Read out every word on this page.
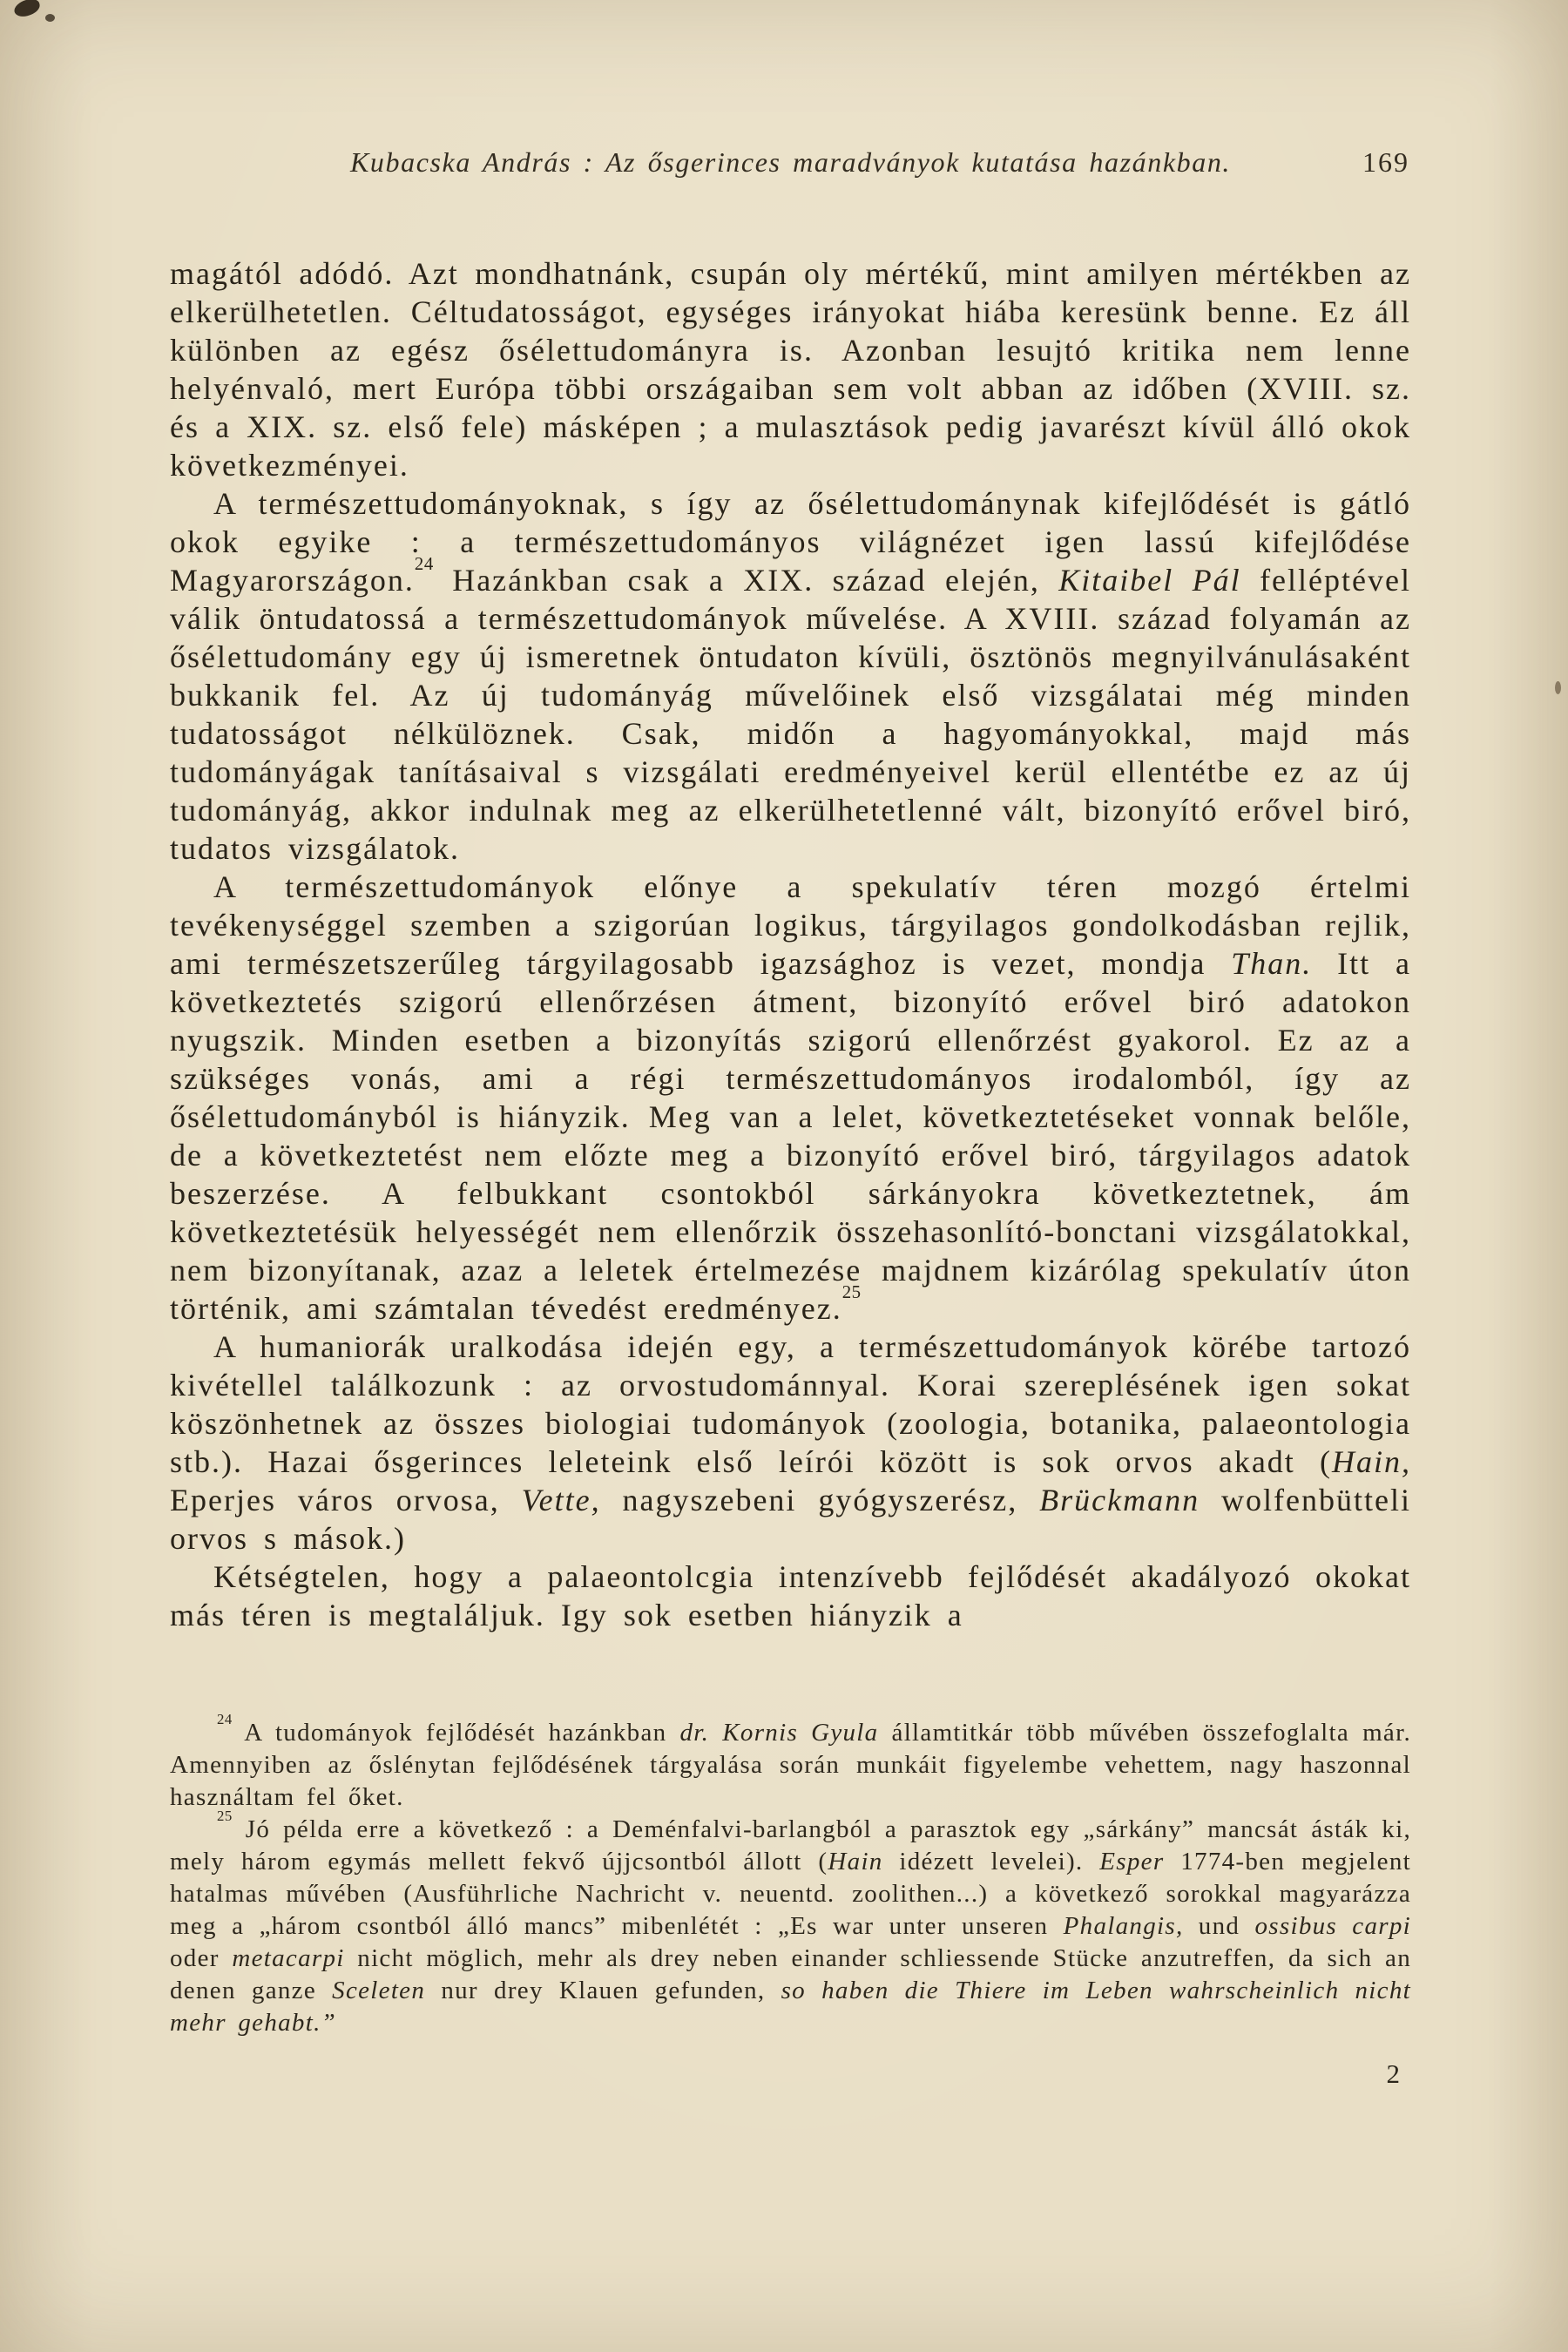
Kubacska András : Az ősgerinces maradványok kutatása hazánkban.	169

magától adódó. Azt mondhatnánk, csupán oly mértékű, mint amilyen mértékben az elkerülhetetlen. Céltudatosságot, egységes irányokat hiába keresünk benne. Ez áll különben az egész ősélettudományra is. Azonban lesujtó kritika nem lenne helyénvaló, mert Európa többi országaiban sem volt abban az időben (XVIII. sz. és a XIX. sz. első fele) másképen ; a mulasztások pedig javarészt kívül álló okok következményei.

A természettudományoknak, s így az ősélettudománynak kifejlődését is gátló okok egyike : a természettudományos világnézet igen lassú kifejlődése Magyarországon.$^{24}$ Hazánkban csak a XIX. század elején, Kitaibel Pál felléptével válik öntudatossá a természettudományok művelése. A XVIII. század folyamán az ősélettudomány egy új ismeretnek öntudaton kívüli, ösztönös megnyilvánulásaként bukkanik fel. Az új tudományág művelőinek első vizsgálatai még minden tudatosságot nélkülöznek. Csak, midőn a hagyományokkal, majd más tudományágak tanításaival s vizsgálati eredményeivel kerül ellentétbe ez az új tudományág, akkor indulnak meg az elkerülhetetlenné vált, bizonyító erővel biró, tudatos vizsgálatok.

A természettudományok előnye a spekulatív téren mozgó értelmi tevékenységgel szemben a szigorúan logikus, tárgyilagos gondolkodásban rejlik, ami természetszerűleg tárgyilagosabb igazsághoz is vezet, mondja Than. Itt a következtetés szigorú ellenőrzésen átment, bizonyító erővel biró adatokon nyugszik. Minden esetben a bizonyítás szigorú ellenőrzést gyakorol. Ez az a szükséges vonás, ami a régi természettudományos irodalomból, így az ősélettudományból is hiányzik. Meg van a lelet, következtetéseket vonnak belőle, de a következtetést nem előzte meg a bizonyító erővel biró, tárgyilagos adatok beszerzése. A felbukkant csontokból sárkányokra következtetnek, ám következtetésük helyességét nem ellenőrzik összehasonlító-bonctani vizsgálatokkal, nem bizonyítanak, azaz a leletek értelmezése majdnem kizárólag spekulatív úton történik, ami számtalan tévedést eredményez.$^{25}$

A humaniorák uralkodása idején egy, a természettudományok körébe tartozó kivétellel találkozunk : az orvostudománnyal. Korai szereplésének igen sokat köszönhetnek az összes biologiai tudományok (zoologia, botanika, palaeontologia stb.). Hazai ősgerinces leleteink első leírói között is sok orvos akadt (Hain, Eperjes város orvosa, Vette, nagyszebeni gyógyszerész, Brückmann wolfenbütteli orvos s mások.)

Kétségtelen, hogy a palaeontolcgia intenzívebb fejlődését akadályozó okokat más téren is megtaláljuk. Igy sok esetben hiányzik a

$^{24}$ A tudományok fejlődését hazánkban dr. Kornis Gyula államtitkár több művében összefoglalta már. Amennyiben az őslénytan fejlődésének tárgyalása során munkáit figyelembe vehettem, nagy haszonnal használtam fel őket.

$^{25}$ Jó példa erre a következő : a Deménfalvi-barlangból a parasztok egy „sárkány” mancsát ásták ki, mely három egymás mellett fekvő újjcsontból állott (Hain idézett levelei). Esper 1774-ben megjelent hatalmas művében (Ausführliche Nachricht v. neuentd. zoolithen...) a következő sorokkal magyarázza meg a „három csontból álló mancs” mibenlétét : „Es war unter unseren Phalangis, und ossibus carpi oder metacarpi nicht möglich, mehr als drey neben einander schliessende Stücke anzutreffen, da sich an denen ganze Sceleten nur drey Klauen gefunden, so haben die Thiere im Leben wahrscheinlich nicht mehr gehabt.”

2
